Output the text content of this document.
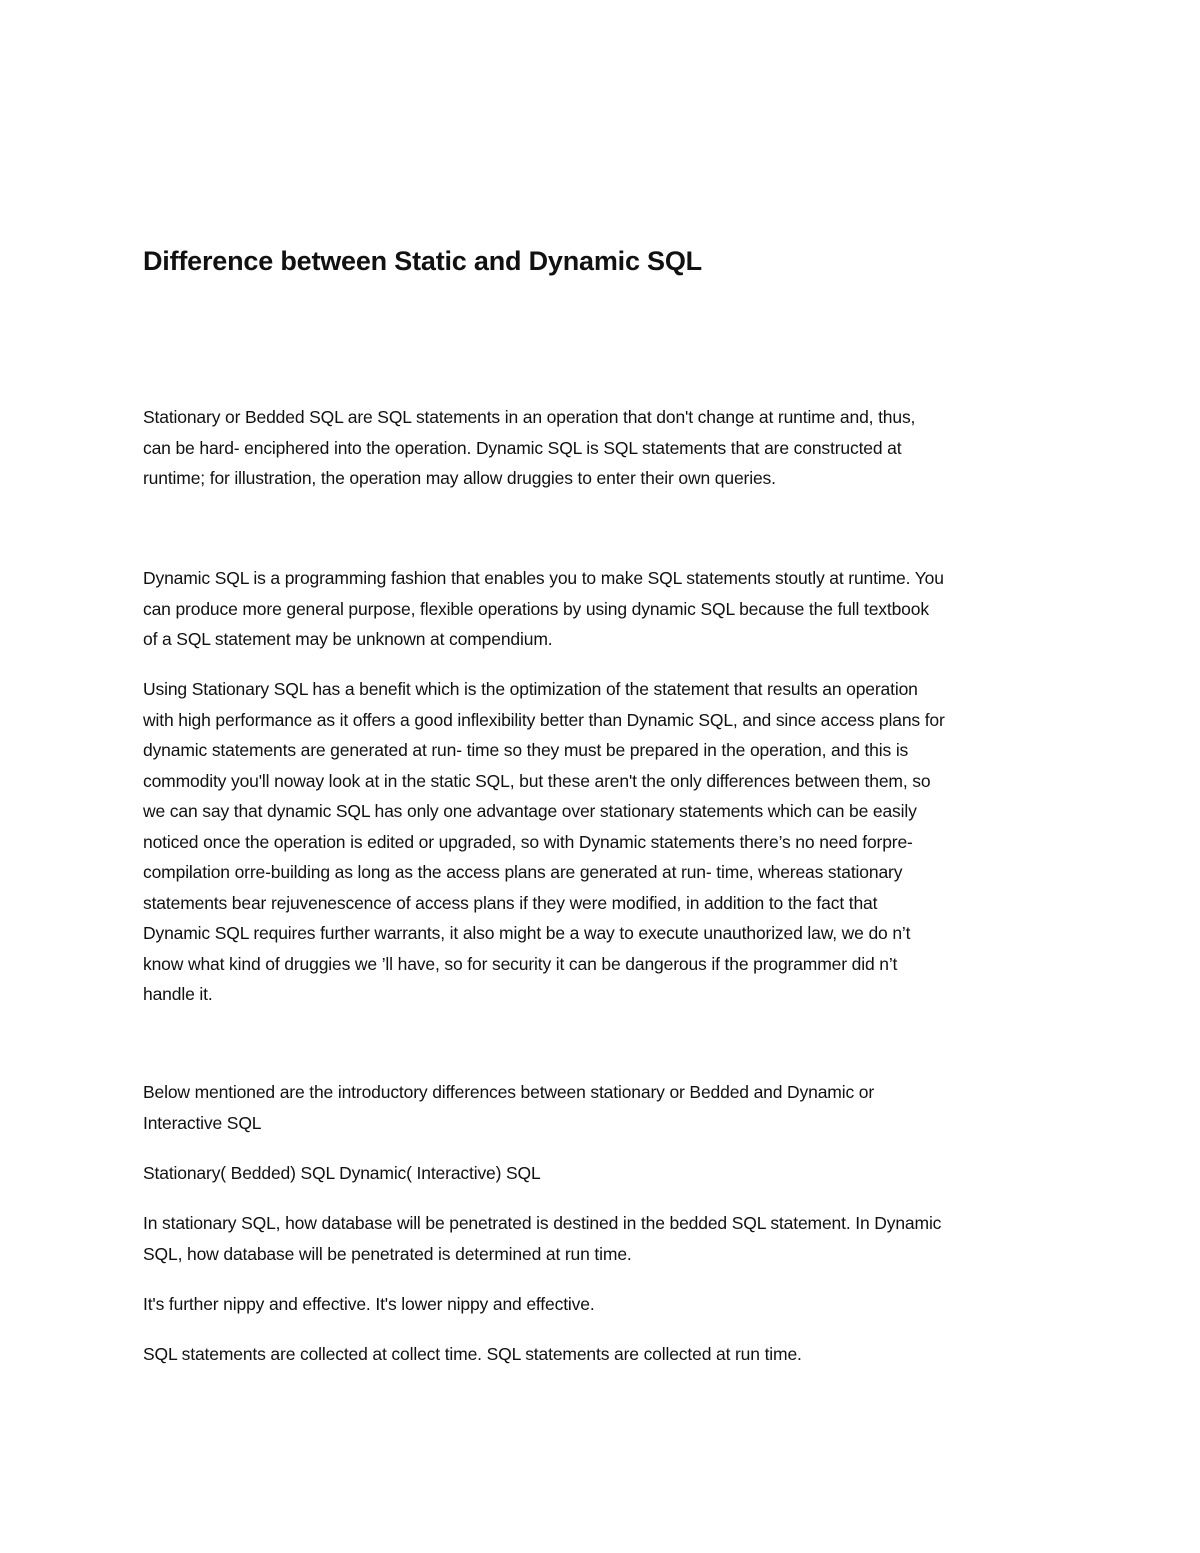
Difference between Static and Dynamic SQL

Stationary or Bedded SQL are SQL statements in an operation that don't change at runtime and, thus,
can be hard- enciphered into the operation. Dynamic SQL is SQL statements that are constructed at
runtime; for illustration, the operation may allow druggies to enter their own queries.

Dynamic SQL is a programming fashion that enables you to make SQL statements stoutly at runtime. You
can produce more general purpose, flexible operations by using dynamic SQL because the full textbook
of a SQL statement may be unknown at compendium.

Using Stationary SQL has a benefit which is the optimization of the statement that results an operation
with high performance as it offers a good inflexibility better than Dynamic SQL, and since access plans for
dynamic statements are generated at run- time so they must be prepared in the operation, and this is
commodity you'll noway look at in the static SQL, but these aren't the only differences between them, so
we can say that dynamic SQL has only one advantage over stationary statements which can be easily
noticed once the operation is edited or upgraded, so with Dynamic statements there’s no need forpre-
compilation orre-building as long as the access plans are generated at run- time, whereas stationary
statements bear rejuvenescence of access plans if they were modified, in addition to the fact that
Dynamic SQL requires further warrants, it also might be a way to execute unauthorized law, we do n’t
know what kind of druggies we ’ll have, so for security it can be dangerous if the programmer did n’t
handle it.

Below mentioned are the introductory differences between stationary or Bedded and Dynamic or
Interactive SQL

Stationary( Bedded) SQL Dynamic( Interactive) SQL

In stationary SQL, how database will be penetrated is destined in the bedded SQL statement. In Dynamic
SQL, how database will be penetrated is determined at run time.

It's further nippy and effective. It's lower nippy and effective.

SQL statements are collected at collect time. SQL statements are collected at run time.
